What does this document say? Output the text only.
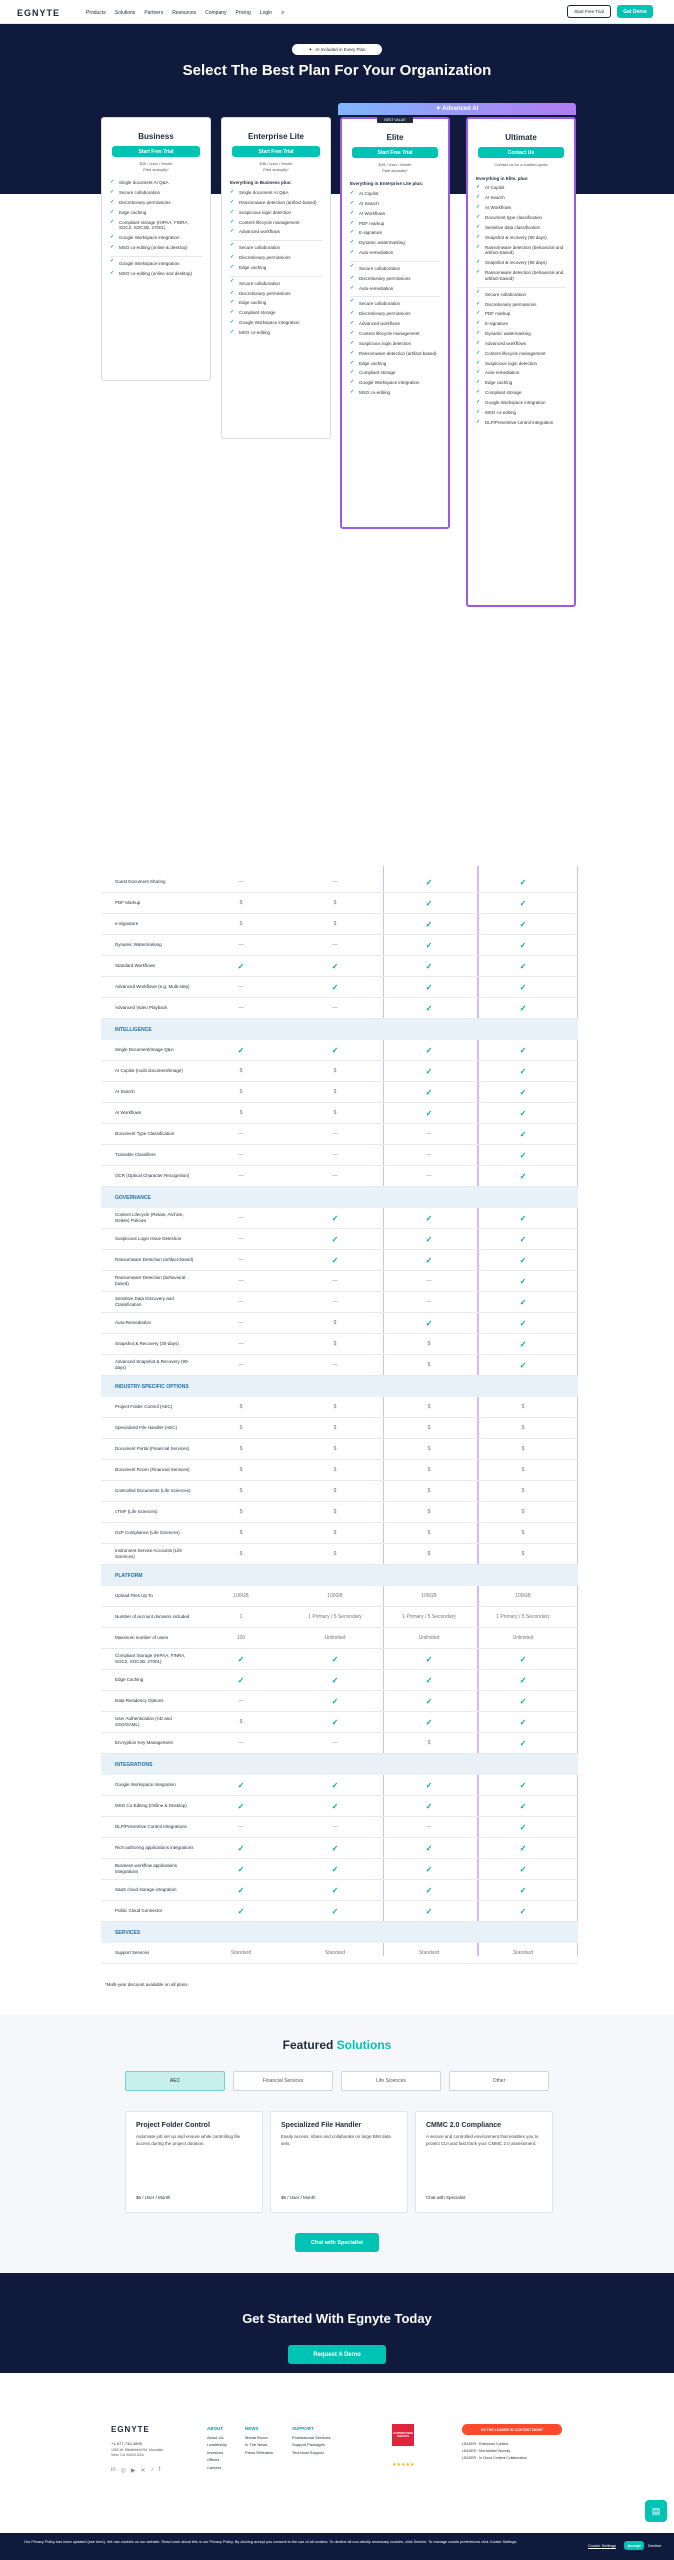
EGNYTE	Products Solutions Partners Resources Company Pricing Login ⌕	Start Free Trial	Get Demo
✦ AI Included in Every Plan
Select The Best Plan For Your Organization
✦ Advanced AI
Business
Start Free Trial
$20 / User / Month
Paid annually*
✓ Single document AI Q&A
✓ Secure collaboration
✓ Discretionary permissions
✓ Edge caching
✓ Compliant storage (HIPAA, FINRA, SOC2, SOC2B, 27001)
✓ Google Workspace integration
✓ MSO co-editing (online & desktop)
✓ Google Workspace integration
✓ MSO co-editing (online and desktop)
Enterprise Lite
Start Free Trial
$36 / User / Month
Paid annually*
Everything in Business plus:
✓ Single document AI Q&A
✓ Ransomware detection (artifact-based)
✓ Suspicious login detection
✓ Content lifecycle management
✓ Advanced workflows
✓ Secure collaboration
✓ Discretionary permissions
✓ Edge caching
✓ Secure collaboration
✓ Discretionary permissions
✓ Edge caching
✓ Compliant storage
✓ Google Workspace integration
✓ MSO co-editing
Elite
Start Free Trial
$49 / User / Month
Paid annually*
Everything in Enterprise Lite plus:
✓ AI Copilot
✓ AI Search
✓ AI Workflows
✓ PDF markup
✓ E-signature
✓ Dynamic watermarking
✓ Auto-remediation
✓ Secure collaboration
✓ Discretionary permissions
✓ Auto-remediation
✓ Secure collaboration
✓ Discretionary permissions
✓ Advanced workflows
✓ Content lifecycle management
✓ Suspicious login detection
✓ Ransomware detection (artifact-based)
✓ Edge caching
✓ Compliant storage
✓ Google Workspace integration
✓ MSO co-editing
BEST VALUE
Ultimate
Contact Us
Contact us for a custom quote
Everything in Elite, plus:
✓ AI Copilot
✓ AI Search
✓ AI Workflows
✓ Document type classification
✓ Sensitive data classification
✓ Snapshot & recovery (90 days)
✓ Ransomware detection (behavioral and artifact-based)
✓ Snapshot & recovery (90 days)
✓ Ransomware detection (behavioral and artifact-based)
✓ Secure collaboration
✓ Discretionary permissions
✓ PDF markup
✓ E-signature
✓ Dynamic watermarking
✓ Advanced workflows
✓ Content lifecycle management
✓ Suspicious login detection
✓ Auto-remediation
✓ Edge caching
✓ Compliant storage
✓ Google Workspace integration
✓ MSO co-editing
✓ DLP/Preventive control integration
Guest Document Sharing	—	—	✓	✓
PDF Markup	$	$	✓	✓
e-Signature	$	$	✓	✓
Dynamic Watermarking	—	—	✓	✓
Standard Workflows	✓	✓	✓	✓
Advanced Workflows (e.g. Multi-step)	—	✓	✓	✓
Advanced Video Playback	—	—	✓	✓
INTELLIGENCE
Single Document/Image Q&A	✓	✓	✓	✓
AI Copilot (multi document/image)	$	$	✓	✓
AI Search	$	$	✓	✓
AI Workflows	$	$	✓	✓
Document Type Classification	—	—	—	✓
Trainable Classifiers	—	—	—	✓
OCR (Optical Character Recognition)	—	—	—	✓
GOVERNANCE
Content Lifecycle (Retain, Archive, Delete) Policies	—	✓	✓	✓
Suspicious Login Issue Detection	—	✓	✓	✓
Ransomware Detection (artifact-based)	—	✓	✓	✓
Ransomware Detection (behavioral-based)	—	—	—	✓
Sensitive Data Discovery and Classification	—	—	—	✓
Auto-Remediation	—	$	✓	✓
Snapshot & Recovery (30-days)	—	$	$	✓
Advanced Snapshot & Recovery (90-days)	—	—	$	✓
INDUSTRY-SPECIFIC OPTIONS
Project Folder Control (AEC)	$	$	$	$
Specialized File Handler (AEC)	$	$	$	$
Document Portal (Financial Services)	$	$	$	$
Document Room (Financial Services)	$	$	$	$
Controlled Documents (Life Sciences)	$	$	$	$
cTMF (Life Sciences)	$	$	$	$
GxP Compliance (Life Sciences)	$	$	$	$
Instrument Service Accounts (Life Sciences)	$	$	$	$
PLATFORM
Upload Files Up To	100GB	100GB	100GB	100GB
Number of account domains included	1	1 Primary / 5 Secondary	1 Primary / 5 Secondary	1 Primary / 5 Secondary
Maximum number of users	100	Unlimited	Unlimited	Unlimited
Compliant Storage (HIPAA, FINRA, SOC2, SOC2B, 27001)	✓	✓	✓	✓
Edge Caching	✓	✓	✓	✓
Data Residency Options	—	✓	✓	✓
User Authentication (AD and SSO/SAML)	$	✓	✓	✓
Encryption Key Management	—	—	$	✓
INTEGRATIONS
Google Workspace Integration	✓	✓	✓	✓
MSO Co-Editing (Online & Desktop)	✓	✓	✓	✓
DLP/Preventive Control Integrations	—	—	—	✓
Rich authoring applications integrations	✓	✓	✓	✓
Business workflow applications integrations	✓	✓	✓	✓
SaaS cloud storage integration	✓	✓	✓	✓
Public Cloud Connector	✓	✓	✓	✓
SERVICES
Support Services	Standard	Standard	Standard	Standard
*Multi-year discount available on all plans.
Featured Solutions
AEC	Financial Services	Life Sciences	Other
Project Folder Control

Automate job set up and ensure while controlling file access during the project duration.

$6 / User / Month
Specialized File Handler

Easily access, share and collaborate on large BIM data sets.

$6 / User / Month
CMMC 2.0 Compliance

A secure and controlled environment that enables you to protect CUI and fast track your CMMC 2.0 assessment.

Chat with Specialist
Chat with Specialist
Get Started With Egnyte Today
Request A Demo
EGNYTE
+1-877-734-4895
1350 W. Middlefield Rd. Mountain View, CA 94043 USA
in ◎ ▶ ✕ ♪ f
ABOUT
About Us
Leadership
Investors
Offices
Careers
NEWS
Media Room
In The News
Press Releases
SUPPORT
Professional Services
Support Packages
Technical Support
GARTNER PEER INSIGHTS
G2 THE LEADER IN CONTENT MGMT
LEADER · Enterprise Content
LEADER · Mid-Market Security
LEADER · In Cloud Content Collaboration
★★★★★
Our Privacy Policy has been updated (see here). We use cookies on our website. Read more about this in our Privacy Policy. By clicking accept you consent to the use of all cookies. To decline all non-strictly necessary cookies, click Decline. To manage cookie preferences click Cookie Settings.
Cookie Settings	Accept	Decline
▤
